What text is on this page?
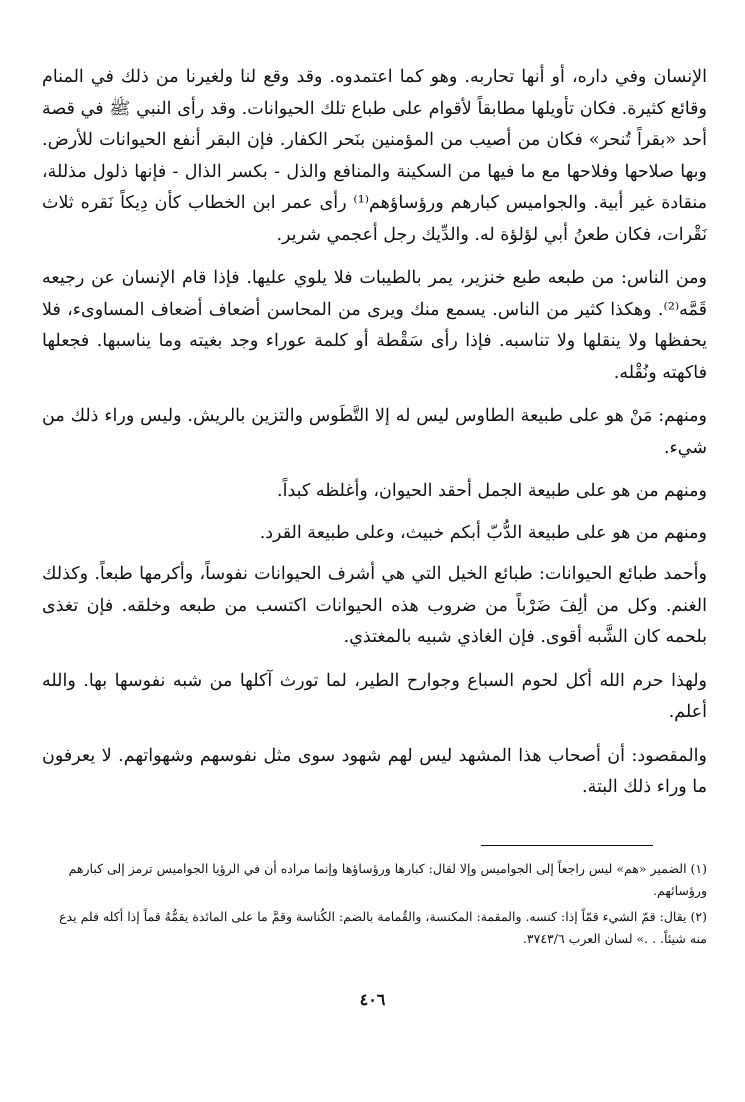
الإنسان وفي داره، أو أنها تحاربه. وهو كما اعتمدوه. وقد وقع لنا ولغيرنا من ذلك في المنام وقائع كثيرة. فكان تأويلها مطابقاً لأقوام على طباع تلك الحيوانات. وقد رأى النبي ﷺ في قصة أحد «بقراً تُنحر» فكان من أصيب من المؤمنين بنَحر الكفار. فإن البقر أنفع الحيوانات للأرض. وبها صلاحها وفلاحها مع ما فيها من السكينة والمنافع والذل - بكسر الذال - فإنها ذلول مذللة، منقادة غير أبية. والجواميس كبارهم ورؤساؤهم⁽¹⁾ رأى عمر ابن الخطاب كأن دِيكاً نَقره ثلاث نَقْرات، فكان طعنُ أبي لؤلؤة له. والدِّيك رجل أعجمي شرير.

ومن الناس: من طبعه طبع خنزير، يمر بالطيبات فلا يلوي عليها. فإذا قام الإنسان عن رجيعه قَمَّه⁽²⁾. وهكذا كثير من الناس. يسمع منك ويرى من المحاسن أضعاف أضعاف المساوىء، فلا يحفظها ولا ينقلها ولا تناسبه. فإذا رأى سَقْطة أو كلمة عوراء وجد بغيته وما يناسبها. فجعلها فاكهته ونُقْله.

ومنهم: مَنْ هو على طبيعة الطاوس ليس له إلا التَّطَوس والتزين بالريش. وليس وراء ذلك من شيء.

ومنهم من هو على طبيعة الجمل أحقد الحيوان، وأغلظه كبداً.

ومنهم من هو على طبيعة الدُّبّ أبكم خبيث، وعلى طبيعة القرد.

وأحمد طبائع الحيوانات: طبائع الخيل التي هي أشرف الحيوانات نفوساً، وأكرمها طبعاً. وكذلك الغنم. وكل من ألِفَ ضَرْباً من ضروب هذه الحيوانات اكتسب من طبعه وخلقه. فإن تغذى بلحمه كان الشَّبه أقوى. فإن الغاذي شبيه بالمغتذي.

ولهذا حرم الله أكل لحوم السباع وجوارح الطير، لما تورث آكلها من شبه نفوسها بها. والله أعلم.

والمقصود: أن أصحاب هذا المشهد ليس لهم شهود سوى مثل نفوسهم وشهواتهم. لا يعرفون ما وراء ذلك البتة.

(١) الضمير «هم» ليس راجعاً إلى الجواميس وإلا لقال: كبارها ورؤساؤها وإنما مراده أن في الرؤيا الجواميس ترمز إلى كبارهم ورؤسائهم.

(٢) يقال: قمّ الشيء قمّاً إذا: كنسه. والمقمة: المكنسة، والقُمامة بالضم: الكُناسة وقمَّ ما على المائدة يقمُّهُ قماً إذا أكله فلم يدع منه شيئاً. . .» لسان العرب ٣٧٤٣/٦.

٤٠٦
